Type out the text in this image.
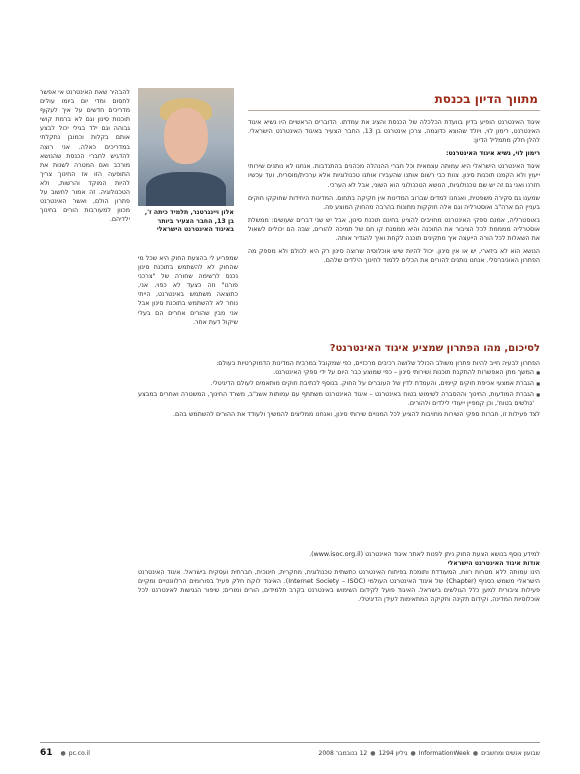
מתווך הדיון בכנסת

איגוד האינטרנט הופיע בדיון בוועדת הכלכלה של הכנסת והציג את עמדתו. הדוברים הראשיים היו נשיא איגוד האינטרנט, רימון לוי, ויולד שהוצא כדוגמה, צרכן אינטרנט בן 13, החבר הצעיר באיגוד האינטרנט הישראלי. להלן חלק מתמליל הדיון:

רימון לוי, נשיא איגוד האינטרנט:

איגוד האינטרנט הישראלי היא עמותה עצמאית וכל חברי ההנהלה מכהנים בהתנדבות. אנחנו לא נותנים שירותי ייעוץ ולא הקמנו תוכנות סינון. צוות כבי רשום אותנו שהעבירו אותנו טכנולוגיות אלא ערכית/מוסרית, ועד עכשיו חזרנו ואני גם זה יש שם טכנולוגיות, הנושא הטכנולוגי הוא השוני, אבל לא הערכי.

שמענו גם סקירה משפטית, ואנחנו למדים שברוב המדינות אין חקיקה בתחום. המדינות היחידות שחוקקו חוקים בעניין הם ארה"ב ואוסטרליה וגם אלה חוקקות מתונות בהרבה מהחוק המוצע פה.

באוסטרליה, אמנם ספקי האינטרנט מחויבים להציע בחינם תוכנת סינון, אבל יש שני דברים שעושים: ממשלת אוסטרליה ממממת לכל הציבור את התוכנה והיא מממנת קו חם של תמיכה להורים, שבה הם יכולים לשאול את השאלות לכל הורה הייעצה איך מתקינים תוכנה לקחת ואיך להגדיר אותה.

הנושא הוא לא ביזארי, יש או אין סינון. יכול להיות שיש אוכלוסיה שרוצה סינון רק היא לכולם ולא מספק מה הפתרון האוניברסלי. אנחנו נותנים להורים את הכלים ללמוד לחינוך הילדים שלהם.

אלון ויינגרטנר, תלמיד כיתה ז', בן 13, החבר הצעיר ביותר באיגוד האינטרנט הישראלי
שמפריע לי בהצעת החוק היא שכל מי שהחוק לא להשתמש בתוכנת סינון נכנס לרשימה שחורה של "צרכני פורנו" וזה כצעד לא כפוי. אני, כתוצאה משתמש באינטרנט, הייתי נוחר לא להשתמש בתוכנת סינון אבל אני מבין שהורים אחרים הם בעלי שיקול דעת אחר.
להבהיר שאת האינטרנט אי אפשר לחסום ומדי יום ביומו עולים מדריכים חדשים על איך לעקוף תוכנות סינון וגם לא ברמת קושי גבוהה וגם ילד בגילי יכול לבצע אותם בקלות וכמובן נתקלתי במדריכים כאלה. אני רוצה להדגיש לחברי הכנסת שהנושא מורכב ואם המטרה לשנות את התופעה הזו אז החינוך צריך להיות המוקד והרשות, ולא הטכנולוגיה. זה אמור לחשוב על פתרון הולם, ואשר האינטרנט מכוון למעורבות הורים בחינוך ילדיהם.
לסיכום, מהו הפתרון שמציע איגוד האינטרנט?

הפתרון לבעיה חייב להיות פתרון משולב הכולל שלושה רכיבים מרכזיים, כפי שמקובל במרבית המדינות הדמוקרטיות בעולם:

■ המשך מתן האפשרות להתקנת תוכנות ושירותי סינון – כפי שמוצע כבר היום על ידי ספקי האינטרנט.
■ הגברת אמצעי אכיפת חוקים קיימים, והעמדת לדין של העוברים על החוק. בנוסף לכתיבת חוקים מותאמים לעולם הדיגיטלי.
■ הגברת המודעות, החינוך וההסברה לשימוש בטוח באינטרנט – איגוד האינטרנט משתתף עם עמותות אשנ"ב, משרד החינוך, המשטרה ואחרים במבצע 'גולשים בטוח', וכן קמפיין ייעודי לילדים ולהורים.

לצד פעילות זו, חברות ספקי השירות מחויבות להציע לכל המנויים שירותי סינון, ואנחנו ממליצים להמשיך ולעודד את ההורים להשתמש בהם.

למידע נוסף בנושא הצעת החוק ניתן לפנות לאתר איגוד האינטרנט (www.isoc.org.il).

אודות איגוד האינטרנט הישראלי

הינו עמותה ללא מטרות רווח, המעודדת ותומכת בפיתוח האינטרנט כתשתית טכנולוגית, מחקרית, חינוכית, חברתית ועסקית בישראל. איגוד האינטרנט הישראלי משמש כסניף (Chapter) של איגוד האינטרנט העולמי (Internet Society – ISOC). האיגוד לוקח חלק פעיל בפורומים הרלוונטיים ומקיים פעילות ציבורית למען כלל הגולשים בישראל. האיגוד פועל לקידום השימוש באינטרנט בקרב תלמידים, הורים ומורים; שיפור הנגישות לאינטרנט לכל אוכלוסיות המדינה, וקידום תקינה וחקיקה המתאימות לעידן הדיגיטלי.

61 ● pc.co.il	12 בנובמבר 2008 ● גיליון 1294 ● InformationWeek ● שבועון אנשים ומחשבים
